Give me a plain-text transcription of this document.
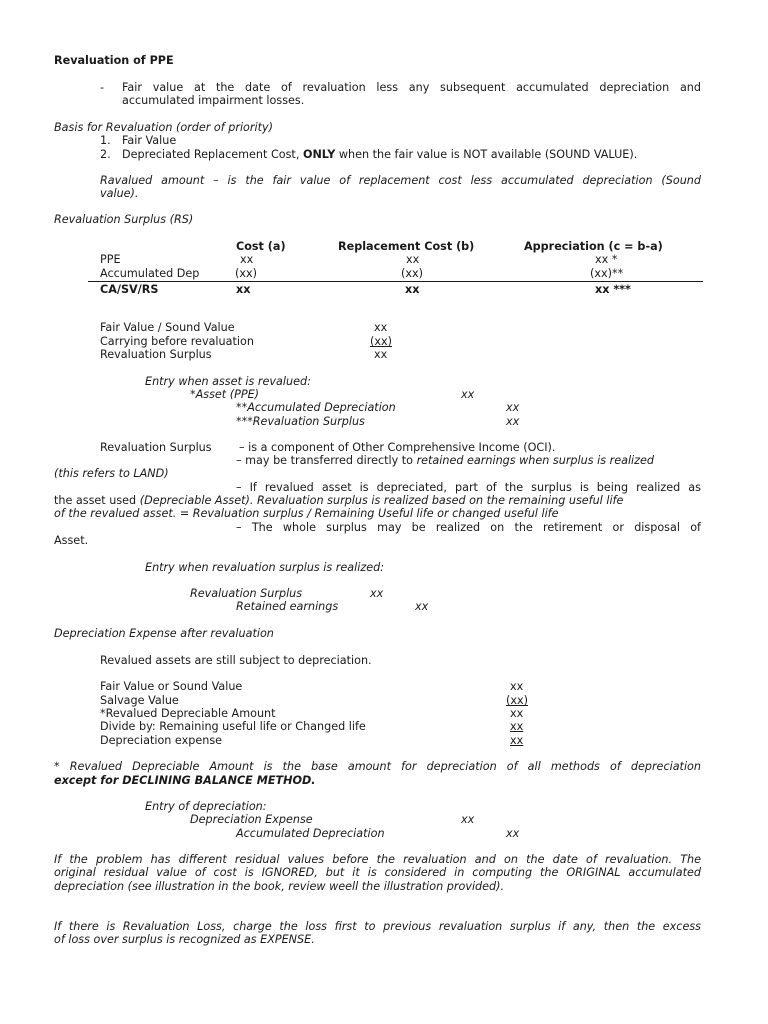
Revaluation of PPE
- Fair value at the date of revaluation less any subsequent accumulated depreciation and
accumulated impairment losses.
Basis for Revaluation (order of priority)
1. Fair Value
2. Depreciated Replacement Cost, ONLY when the fair value is NOT available (SOUND VALUE).
Ravalued amount – is the fair value of replacement cost less accumulated depreciation (Sound
value).
Revaluation Surplus (RS)
Cost (a)	Replacement Cost (b)	Appreciation (c = b-a)
PPE	xx	xx	xx *
Accumulated Dep	(xx)	(xx)	(xx)**
CA/SV/RS	xx	xx	xx ***
Fair Value / Sound Value	xx
Carrying before revaluation	(xx)
Revaluation Surplus	xx
Entry when asset is revalued:
*Asset (PPE)	xx
**Accumulated Depreciation	xx
***Revaluation Surplus	xx
Revaluation Surplus – is a component of Other Comprehensive Income (OCI).
– may be transferred directly to retained earnings when surplus is realized
(this refers to LAND)
– If revalued asset is depreciated, part of the surplus is being realized as
the asset used (Depreciable Asset). Revaluation surplus is realized based on the remaining useful life
of the revalued asset. = Revaluation surplus / Remaining Useful life or changed useful life
– The whole surplus may be realized on the retirement or disposal of
Asset.
Entry when revaluation surplus is realized:
Revaluation Surplus	xx
Retained earnings	xx
Depreciation Expense after revaluation
Revalued assets are still subject to depreciation.
Fair Value or Sound Value	xx
Salvage Value	(xx)
*Revalued Depreciable Amount	xx
Divide by: Remaining useful life or Changed life	xx
Depreciation expense	xx
* Revalued Depreciable Amount is the base amount for depreciation of all methods of depreciation
except for DECLINING BALANCE METHOD.
Entry of depreciation:
Depreciation Expense	xx
Accumulated Depreciation	xx
If the problem has different residual values before the revaluation and on the date of revaluation. The
original residual value of cost is IGNORED, but it is considered in computing the ORIGINAL accumulated
depreciation (see illustration in the book, review weell the illustration provided).
If there is Revaluation Loss, charge the loss first to previous revaluation surplus if any, then the excess
of loss over surplus is recognized as EXPENSE.
